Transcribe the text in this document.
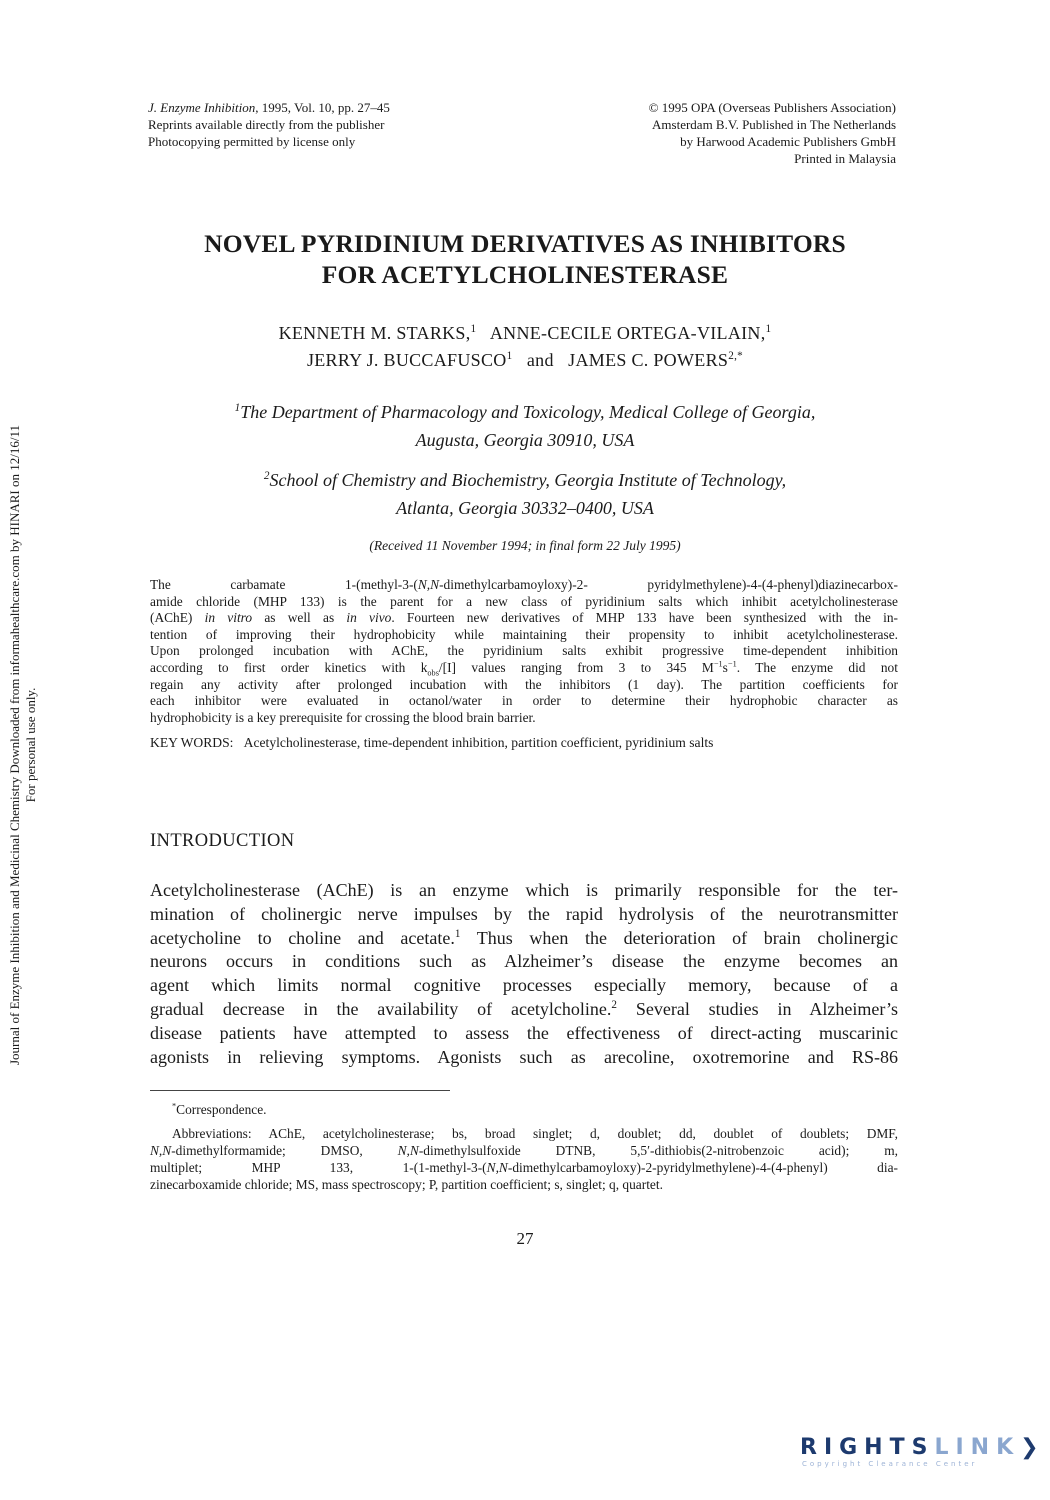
J. Enzyme Inhibition, 1995, Vol. 10, pp. 27–45
Reprints available directly from the publisher
Photocopying permitted by license only
© 1995 OPA (Overseas Publishers Association)
Amsterdam B.V. Published in The Netherlands
by Harwood Academic Publishers GmbH
Printed in Malaysia
NOVEL PYRIDINIUM DERIVATIVES AS INHIBITORS
FOR ACETYLCHOLINESTERASE
KENNETH M. STARKS,$^1$ ANNE-CECILE ORTEGA-VILAIN,$^1$
JERRY J. BUCCAFUSCO$^1$ and JAMES C. $POWERS^{2,*}$
$^1$The Department of Pharmacology and Toxicology, Medical College of Georgia,
Augusta, Georgia 30910, USA
$^2$School of Chemistry and Biochemistry, Georgia Institute of Technology,
Atlanta, Georgia 30332–0400, USA
(Received 11 November 1994; in final form 22 July 1995)
The carbamate 1-(methyl-3-(N,N-dimethylcarbamoyloxy)-2- pyridylmethylene)-4-(4-phenyl)diazinecarbox-
amide chloride (MHP 133) is the parent for a new class of pyridinium salts which inhibit acetylcholinesterase
(AChE) in vitro as well as in vivo. Fourteen new derivatives of MHP 133 have been synthesized with the in-
tention of improving their hydrophobicity while maintaining their propensity to inhibit acetylcholinesterase.
Upon prolonged incubation with AChE, the pyridinium salts exhibit progressive time-dependent inhibition
according to first order kinetics with $k_{obs}/[I]$ values ranging from 3 to 345 $M^{-1}s^{-1}$. The enzyme did not
regain any activity after prolonged incubation with the inhibitors (1 day). The partition coefficients for
each inhibitor were evaluated in octanol/water in order to determine their hydrophobic character as
hydrophobicity is a key prerequisite for crossing the blood brain barrier.
KEY WORDS: Acetylcholinesterase, time-dependent inhibition, partition coefficient, pyridinium salts
INTRODUCTION
Acetylcholinesterase (AChE) is an enzyme which is primarily responsible for the ter-
mination of cholinergic nerve impulses by the rapid hydrolysis of the neurotransmitter
acetycholine to choline and acetate.$^1$ Thus when the deterioration of brain cholinergic
neurons occurs in conditions such as Alzheimer’s disease the enzyme becomes an
agent which limits normal cognitive processes especially memory, because of a
gradual decrease in the availability of acetylcholine.$^2$ Several studies in Alzheimer’s
disease patients have attempted to assess the effectiveness of direct-acting muscarinic
agonists in relieving symptoms. Agonists such as arecoline, oxotremorine and RS-86
*Correspondence.
Abbreviations: AChE, acetylcholinesterase; bs, broad singlet; d, doublet; dd, doublet of doublets; DMF,
N,N-dimethylformamide; DMSO, N,N-dimethylsulfoxide DTNB, 5,5′-dithiobis(2-nitrobenzoic acid); m,
multiplet; MHP 133, 1-(1-methyl-3-(N,N-dimethylcarbamoyloxy)-2-pyridylmethylene)-4-(4-phenyl) dia-
zinecarboxamide chloride; MS, mass spectroscopy; P, partition coefficient; s, singlet; q, quartet.
27
Journal of Enzyme Inhibition and Medicinal Chemistry Downloaded from informahealthcare.com by HINARI on 12/16/11 For personal use only.
RIGHTSLINK❯
Copyright Clearance Center
